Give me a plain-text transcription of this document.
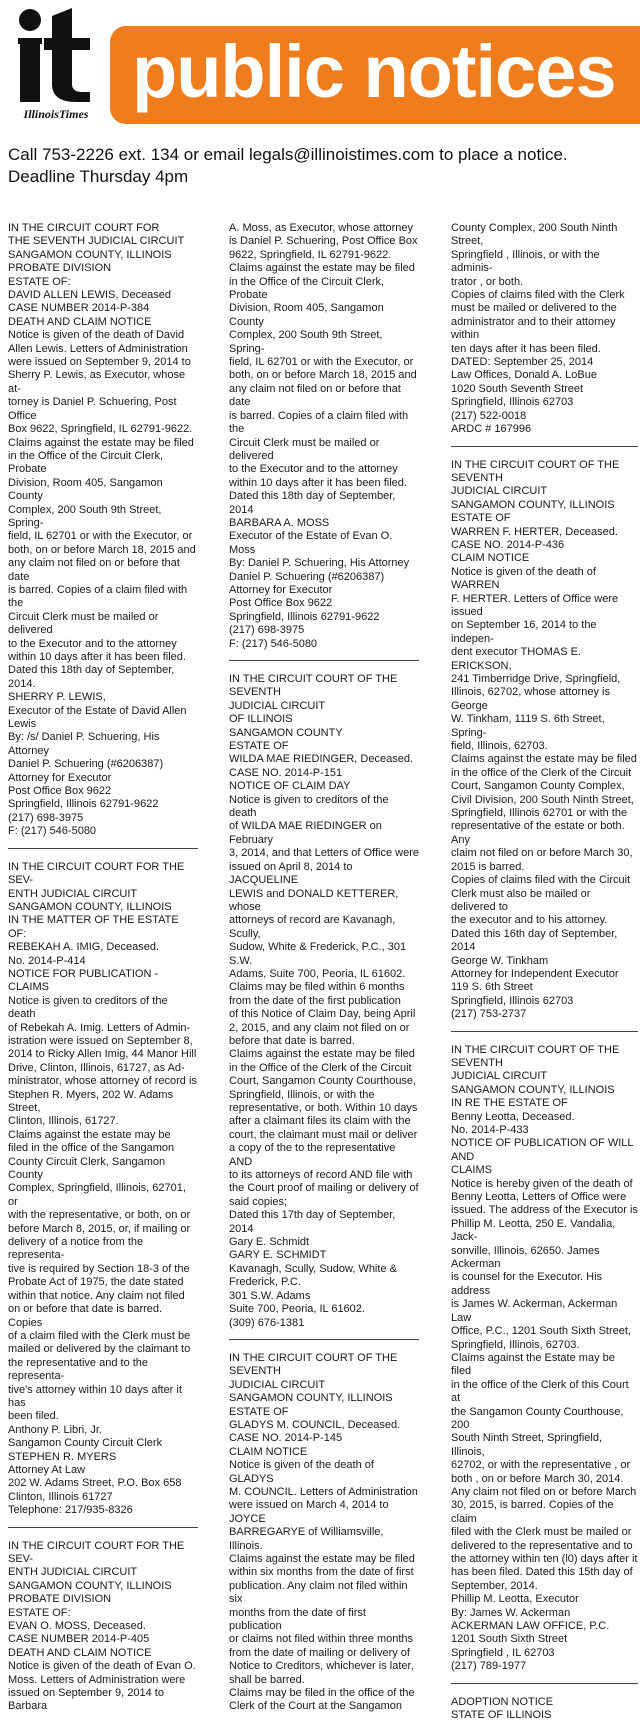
IllinoisTimes
public notices
Call 753-2226 ext. 134 or email legals@illinoistimes.com to place a notice.
Deadline Thursday 4pm

IN THE CIRCUIT COURT FOR

THE SEVENTH JUDICIAL CIRCUIT

SANGAMON COUNTY, ILLINOIS

PROBATE DIVISION

ESTATE OF:

DAVID ALLEN LEWIS, Deceased

CASE NUMBER 2014-P-384

DEATH AND CLAIM NOTICE

Notice is given of the death of David

Allen Lewis. Letters of Administration

were issued on September 9, 2014 to

Sherry P. Lewis, as Executor, whose at-

torney is Daniel P. Schuering, Post Office

Box 9622, Springfield, IL 62791-9622.

Claims against the estate may be filed

in the Office of the Circuit Clerk, Probate

Division, Room 405, Sangamon County

Complex, 200 South 9th Street, Spring-

field, IL 62701 or with the Executor, or

both, on or before March 18, 2015 and

any claim not filed on or before that date

is barred. Copies of a claim filed with the

Circuit Clerk must be mailed or delivered

to the Executor and to the attorney

within 10 days after it has been filed.

Dated this 18th day of September, 2014.

SHERRY P. LEWIS,

Executor of the Estate of David Allen

Lewis

By: /s/ Daniel P. Schuering, His Attorney

Daniel P. Schuering (#6206387)

Attorney for Executor

Post Office Box 9622

Springfield, Illinois 62791-9622

(217) 698-3975

F: (217) 546-5080

IN THE CIRCUIT COURT FOR THE SEV-

ENTH JUDICIAL CIRCUIT

SANGAMON COUNTY, ILLINOIS

IN THE MATTER OF THE ESTATE OF:

REBEKAH A. IMIG, Deceased.

No. 2014-P-414

NOTICE FOR PUBLICATION - CLAIMS

Notice is given to creditors of the death

of Rebekah A. Imig. Letters of Admin-

istration were issued on September 8,

2014 to Ricky Allen Imig, 44 Manor Hill

Drive, Clinton, Illinois, 61727, as Ad-

ministrator, whose attorney of record is

Stephen R. Myers, 202 W. Adams Street,

Clinton, Illinois, 61727.

Claims against the estate may be

filed in the office of the Sangamon

County Circuit Clerk, Sangamon County

Complex, Springfield, Illinois, 62701, or

with the representative, or both, on or

before March 8, 2015, or, if mailing or

delivery of a notice from the representa-

tive is required by Section 18-3 of the

Probate Act of 1975, the date stated

within that notice. Any claim not filed

on or before that date is barred. Copies

of a claim filed with the Clerk must be

mailed or delivered by the claimant to

the representative and to the representa-

tive's attorney within 10 days after it has

been filed.

Anthony P. Libri, Jr.

Sangamon County Circuit Clerk

STEPHEN R. MYERS

Attorney At Law

202 W. Adams Street, P.O. Box 658

Clinton, Illinois 61727

Telephone: 217/935-8326

IN THE CIRCUIT COURT FOR THE SEV-

ENTH JUDICIAL CIRCUIT

SANGAMON COUNTY, ILLINOIS

PROBATE DIVISION

ESTATE OF:

EVAN O. MOSS, Deceased.

CASE NUMBER 2014-P-405

DEATH AND CLAIM NOTICE

Notice is given of the death of Evan O.

Moss. Letters of Administration were

issued on September 9, 2014 to Barbara

A. Moss, as Executor, whose attorney

is Daniel P. Schuering, Post Office Box

9622, Springfield, IL 62791-9622.

Claims against the estate may be filed

in the Office of the Circuit Clerk, Probate

Division, Room 405, Sangamon County

Complex, 200 South 9th Street, Spring-

field, IL 62701 or with the Executor, or

both, on or before March 18, 2015 and

any claim not filed on or before that date

is barred. Copies of a claim filed with the

Circuit Clerk must be mailed or delivered

to the Executor and to the attorney

within 10 days after it has been filed.

Dated this 18th day of September, 2014

BARBARA A. MOSS

Executor of the Estate of Evan O. Moss

By: Daniel P. Schuering, His Attorney

Daniel P. Schuering (#6206387)

Attorney for Executor

Post Office Box 9622

Springfield, Illinois 62791-9622

(217) 698-3975

F: (217) 546-5080

IN THE CIRCUIT COURT OF THE SEVENTH

JUDICIAL CIRCUIT

OF ILLINOIS

SANGAMON COUNTY

ESTATE OF

WILDA MAE RIEDINGER, Deceased.

CASE NO. 2014-P-151

NOTICE OF CLAIM DAY

Notice is given to creditors of the death

of WILDA MAE RIEDINGER on February

3, 2014, and that Letters of Office were

issued on April 8, 2014 to JACQUELINE

LEWIS and DONALD KETTERER, whose

attorneys of record are Kavanagh, Scully,

Sudow, White & Frederick, P.C., 301 S.W.

Adams, Suite 700, Peoria, IL 61602.

Claims may be filed within 6 months

from the date of the first publication

of this Notice of Claim Day, being April

2, 2015, and any claim not filed on or

before that date is barred.

Claims against the estate may be filed

in the Office of the Clerk of the Circuit

Court, Sangamon County Courthouse,

Springfield, Illinois, or with the

representative, or both. Within 10 days

after a claimant files its claim with the

court, the claimant must mail or deliver

a copy of the to the representative AND

to its attorneys of record AND file with

the Court proof of mailing or delivery of

said copies;

Dated this 17th day of September, 2014

Gary E. Schmidt

GARY E. SCHMIDT

Kavanagh, Scully, Sudow, White &

Frederick, P.C.

301 S.W. Adams

Suite 700, Peoria, IL 61602.

(309) 676-1381

IN THE CIRCUIT COURT OF THE SEVENTH

JUDICIAL CIRCUIT

SANGAMON COUNTY, ILLINOIS

ESTATE OF

GLADYS M. COUNCIL, Deceased.

CASE NO. 2014-P-145

CLAIM NOTICE

Notice is given of the death of GLADYS

M. COUNCIL. Letters of Administration

were issued on March 4, 2014 to JOYCE

BARREGARYE of Williamsville, Illinois.

Claims against the estate may be filed

within six months from the date of first

publication. Any claim not filed within six

months from the date of first publication

or claims not filed within three months

from the date of mailing or delivery of

Notice to Creditors, whichever is later,

shall be barred.

Claims may be filed in the office of the

Clerk of the Court at the Sangamon

County Complex, 200 South Ninth Street,

Springfield , Illinois, or with the adminis-

trator , or both.

Copies of claims filed with the Clerk

must be mailed or delivered to the

administrator and to their attorney within

ten days after it has been filed.

DATED: September 25, 2014

Law Offices, Donald A. LoBue

1020 South Seventh Street

Springfield, Illinois 62703

(217) 522-0018

ARDC # 167996

IN THE CIRCUIT COURT OF THE SEVENTH

JUDICIAL CIRCUIT

SANGAMON COUNTY, ILLINOIS

ESTATE OF

WARREN F. HERTER, Deceased.

CASE NO. 2014-P-436

CLAIM NOTICE

Notice is given of the death of WARREN

F. HERTER. Letters of Office were issued

on September 16, 2014 to the indepen-

dent executor THOMAS E. ERICKSON,

241 Timberridge Drive, Springfield,

Illinois, 62702, whose attorney is George

W. Tinkham, 1119 S. 6th Street, Spring-

field, Illinois, 62703.

Claims against the estate may be filed

in the office of the Clerk of the Circuit

Court, Sangamon County Complex,

Civil Division, 200 South Ninth Street,

Springfield, Illinois 62701 or with the

representative of the estate or both. Any

claim not filed on or before March 30,

2015 is barred.

Copies of claims filed with the Circuit

Clerk must also be mailed or delivered to

the executor and to his attorney.

Dated this 16th day of September, 2014

George W. Tinkham

Attorney for Independent Executor

119 S. 6th Street

Springfield, Illinois 62703

(217) 753-2737

IN THE CIRCUIT COURT OF THE SEVENTH

JUDICIAL CIRCUIT

SANGAMON COUNTY, ILLINOIS

IN RE THE ESTATE OF

Benny Leotta, Deceased.

No. 2014-P-433

NOTICE OF PUBLICATION OF WILL AND

CLAIMS

Notice is hereby given of the death of

Benny Leotta, Letters of Office were

issued. The address of the Executor is

Phillip M. Leotta, 250 E. Vandalia, Jack-

sonville, Illinois, 62650. James Ackerman

is counsel for the Executor. His address

is James W. Ackerman, Ackerman Law

Office, P.C., 1201 South Sixth Street,

Springfield, Illinois, 62703.

Claims against the Estate may be filed

in the office of the Clerk of this Court at

the Sangamon County Courthouse, 200

South Ninth Street, Springfield, Illinois,

62702, or with the representative , or

both , on or before March 30, 2014.

Any claim not filed on or before March

30, 2015, is barred. Copies of the claim

filed with the Clerk must be mailed or

delivered to the representative and to

the attorney within ten (l0) days after it

has been filed. Dated this 15th day of

September, 2014.

Phillip M. Leotta, Executor

By: James W. Ackerman

ACKERMAN LAW OFFICE, P.C.

1201 South Sixth Street

Springfield , IL 62703

(217) 789-1977

ADOPTION NOTICE

STATE OF ILLINOIS
